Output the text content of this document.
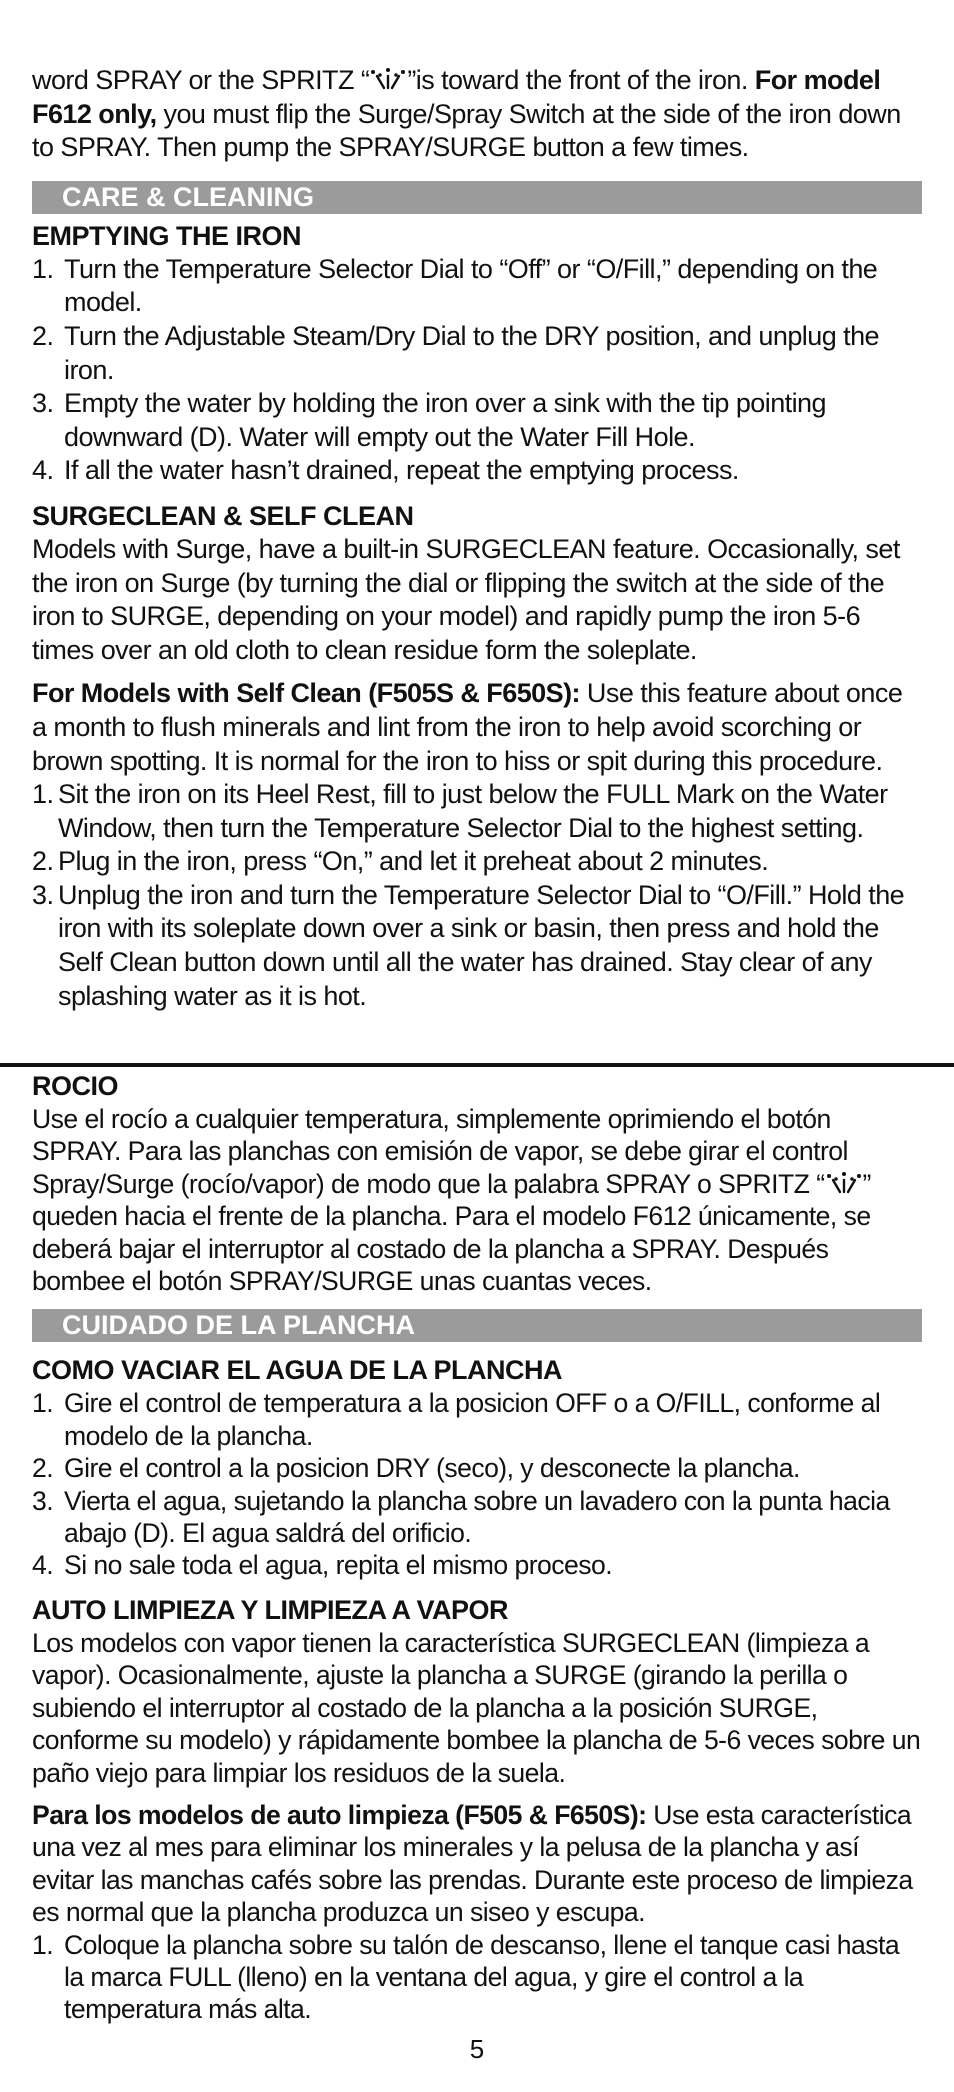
word SPRAY or the SPRITZ “ ”is toward the front of the iron. For model F612 only, you must flip the Surge/Spray Switch at the side of the iron down to SPRAY. Then pump the SPRAY/SURGE button a few times.

CARE & CLEANING
EMPTYING THE IRON
1. Turn the Temperature Selector Dial to “Off” or “O/Fill,” depending on the model.
2. Turn the Adjustable Steam/Dry Dial to the DRY position, and unplug the iron.
3. Empty the water by holding the iron over a sink with the tip pointing downward (D). Water will empty out the Water Fill Hole.
4. If all the water hasn’t drained, repeat the emptying process.
SURGECLEAN & SELF CLEAN

Models with Surge, have a built-in SURGECLEAN feature. Occasionally, set the iron on Surge (by turning the dial or flipping the switch at the side of the iron to SURGE, depending on your model) and rapidly pump the iron 5-6 times over an old cloth to clean residue form the soleplate.

For Models with Self Clean (F505S & F650S): Use this feature about once a month to flush minerals and lint from the iron to help avoid scorching or brown spotting. It is normal for the iron to hiss or spit during this procedure.

1. Sit the iron on its Heel Rest, fill to just below the FULL Mark on the Water Window, then turn the Temperature Selector Dial to the highest setting.
2. Plug in the iron, press “On,” and let it preheat about 2 minutes.
3. Unplug the iron and turn the Temperature Selector Dial to “O/Fill.” Hold the iron with its soleplate down over a sink or basin, then press and hold the Self Clean button down until all the water has drained. Stay clear of any splashing water as it is hot.
ROCIO

Use el rocío a cualquier temperatura, simplemente oprimiendo el botón SPRAY. Para las planchas con emisión de vapor, se debe girar el control Spray/Surge (rocío/vapor) de modo que la palabra SPRAY o SPRITZ “ ” queden hacia el frente de la plancha. Para el modelo F612 únicamente, se deberá bajar el interruptor al costado de la plancha a SPRAY. Después bombee el botón SPRAY/SURGE unas cuantas veces.

CUIDADO DE LA PLANCHA
COMO VACIAR EL AGUA DE LA PLANCHA
1. Gire el control de temperatura a la posicion OFF o a O/FILL, conforme al modelo de la plancha.
2. Gire el control a la posicion DRY (seco), y desconecte la plancha.
3. Vierta el agua, sujetando la plancha sobre un lavadero con la punta hacia abajo (D). El agua saldrá del orificio.
4. Si no sale toda el agua, repita el mismo proceso.
AUTO LIMPIEZA Y LIMPIEZA A VAPOR

Los modelos con vapor tienen la característica SURGECLEAN (limpieza a vapor). Ocasionalmente, ajuste la plancha a SURGE (girando la perilla o subiendo el interruptor al costado de la plancha a la posición SURGE, conforme su modelo) y rápidamente bombee la plancha de 5-6 veces sobre un paño viejo para limpiar los residuos de la suela.

Para los modelos de auto limpieza (F505 & F650S): Use esta característica una vez al mes para eliminar los minerales y la pelusa de la plancha y así evitar las manchas cafés sobre las prendas. Durante este proceso de limpieza es normal que la plancha produzca un siseo y escupa.

1. Coloque la plancha sobre su talón de descanso, llene el tanque casi hasta la marca FULL (lleno) en la ventana del agua, y gire el control a la temperatura más alta.
5
